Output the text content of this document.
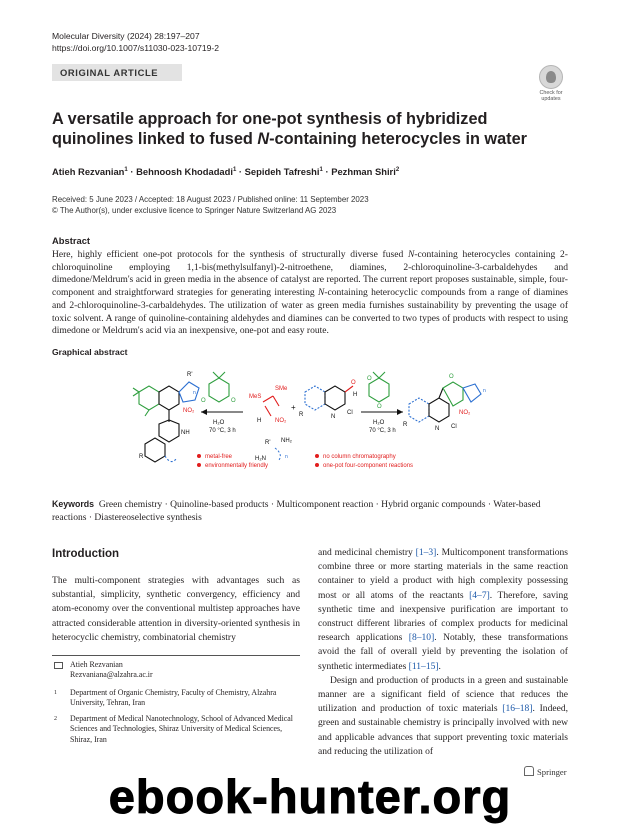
Molecular Diversity (2024) 28:197–207
https://doi.org/10.1007/s11030-023-10719-2
ORIGINAL ARTICLE
Check for updates
A versatile approach for one-pot synthesis of hybridized quinolines linked to fused N-containing heterocycles in water
Atieh Rezvanian$^1$ · Behnoosh Khodadadi$^1$ · Sepideh Tafreshi$^1$ · Pezhman Shiri$^2$
Received: 5 June 2023 / Accepted: 18 August 2023 / Published online: 11 September 2023
© The Author(s), under exclusive licence to Springer Nature Switzerland AG 2023
Abstract
Here, highly efficient one-pot protocols for the synthesis of structurally diverse fused N-containing heterocycles containing 2-chloroquinoline employing 1,1-bis(methylsulfanyl)-2-nitroethene, diamines, 2-chloroquinoline-3-carbaldehydes and dimedone/Meldrum's acid in green media in the absence of catalyst are reported. The current report proposes sustainable, simple, four-component and straightforward strategies for generating interesting N-containing heterocyclic compounds from a range of diamines and 2-chloroquinoline-3-carbaldehydes. The utilization of water as green media furnishes sustainability by preventing the usage of toxic solvent. A range of quinoline-containing aldehydes and diamines can be converted to two types of products with respect to using dimedone or Meldrum's acid via an inexpensive, one-pot and easy route.
Graphical abstract
R'
NO₂
NH
R
n
O	O
H₂O
70 °C, 3 h
MeS
SMe
H NO₂
+
R' NH₂
H₂N	n
O
H
N
Cl
R
O
O
H₂O
70 °C, 3 h
O
N Cl
NO₂
R
n
metal-free
environmentally friendly
no column chromatography
one-pot four-component reactions
Keywords Green chemistry · Quinoline-based products · Multicomponent reaction · Hybrid organic compounds · Water-based reactions · Diastereoselective synthesis
Introduction
The multi-component strategies with advantages such as substantial, simplicity, synthetic convergency, efficiency and atom-economy over the conventional multistep approaches have attracted considerable attention in diversity-oriented synthesis in heterocyclic chemistry, combinatorial chemistry
Atieh Rezvanian
Rezvaniana@alzahra.ac.ir
1	Department of Organic Chemistry, Faculty of Chemistry, Alzahra University, Tehran, Iran
2	Department of Medical Nanotechnology, School of Advanced Medical Sciences and Technologies, Shiraz University of Medical Sciences, Shiraz, Iran
and medicinal chemistry [1–3]. Multicomponent transformations combine three or more starting materials in the same reaction container to yield a product with high complexity possessing most or all atoms of the reactants [4–7]. Therefore, saving synthetic time and inexpensive purification are important to construct different libraries of complex products for medicinal research applications [8–10]. Notably, these transformations avoid the fall of overall yield by preventing the isolation of synthetic intermediates [11–15].
Design and production of products in a green and sustainable manner are a significant field of science that reduces the utilization and production of toxic materials [16–18]. Indeed, green and sustainable chemistry is principally involved with new and applicable advances that support preventing toxic materials and reducing the utilization of
Springer
ebook-hunter.org
